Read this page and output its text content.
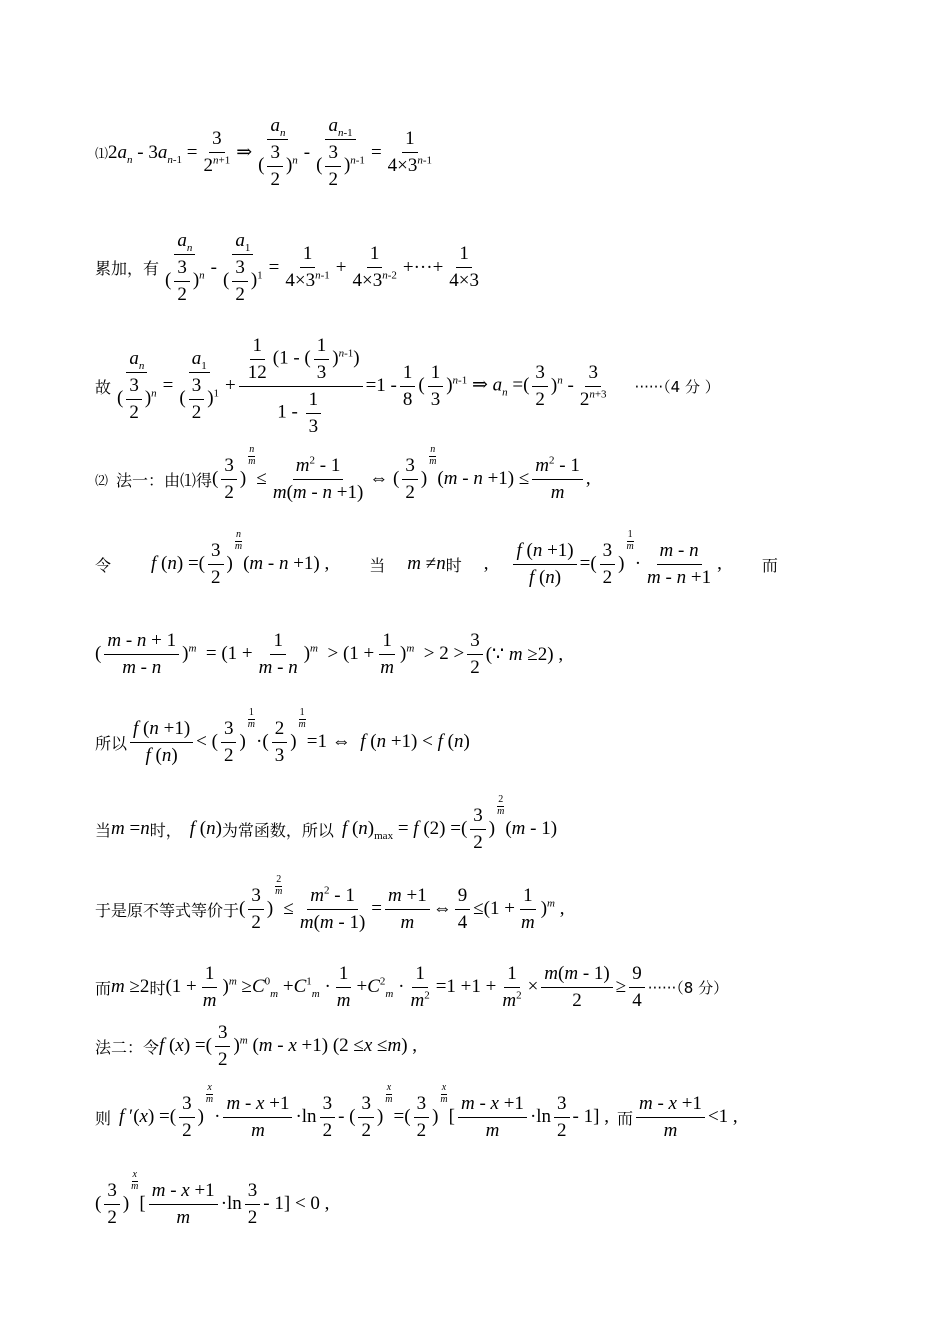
⑴ $2a_n - 3a_{n-1} = \frac{3}{2^{n+1}}$ ⇒ $\frac{a_n}{( \frac{3}{2} )^n} - \frac{a_{n-1}}{( \frac{3}{2} )^{n-1}} = \frac{1}{4\times 3^{n-1}}$
累加，有 $\frac{a_n}{( \frac{3}{2} )^n} - \frac{a_1}{( \frac{3}{2} )^1} = \frac{1}{4\times 3^{n-1}} + \frac{1}{4\times 3^{n-2}}$ +···+ $\frac{1}{4\times 3}$
故 $\frac{a_n}{( \frac{3}{2} )^n} = \frac{a_1}{( \frac{3}{2} )^1} + \frac{\frac{1}{12} (1 - ( \frac{1}{3} )^{n-1})}{1 - \frac{1}{3}} =1 - \frac{1}{8}$ ( $\frac{1}{3} )^{n-1}$ ⇒ $a_n$ =( $\frac{3}{2} )^n - \frac{3}{2^{n+3}} \cdot\cdot\cdot\cdot\cdot\cdot(4$ 分 ）
⑵ 法一：由⑴得 ( $\frac{3}{2}$ )
$\frac{n}{m}$
≤ $\frac{m^2 - 1}{m(m - n +1)}$ ⇔ ( $\frac{3}{2}$ )
$\frac{n}{m}$
$(m - n +1) \le \frac{m^2 - 1}{m}$ ,
令 f (n) =( $\frac{3}{2}$ )
$\frac{n}{m}$
(m - n +1) ,	当 m ≠n 时 , $\frac{f (n +1)}{f (n)}$ =( $\frac{3}{2}$ )
$\frac{1}{m}$
· $\frac{m - n}{m - n +1}$ ,	而
( $\frac{m - n + 1}{m - n} )^m = (1 + \frac{1}{m - n} )^m > (1 + \frac{1}{m} )^m > 2 > \frac{3}{2}$ (∵ m ≥2) ,
所以 $\frac{f (n +1)}{f (n)}$ < ( $\frac{3}{2}$ )
$\frac{1}{m}$
·( $\frac{2}{3}$ )
$\frac{1}{m}$
=1 ⇔  f (n +1) < f (n)
当 m =n 时， f (n) 为常函数，所以 f $(n)_{max} = f$ (2) =( $\frac{3}{2}$ )
$\frac{2}{m}$
(m - 1)
于是原不等式等价于 ( $\frac{3}{2}$ )
$\frac{2}{m}$
≤ $\frac{m^2 - 1}{m(m - 1)} = \frac{m +1}{m}$ ⇔ $\frac{9}{4} \le(1 + \frac{1}{m} )^m$ ,
而 m ≥2 时 $(1 + \frac{1}{m} )^m \ge C^0_m +C^1_m \cdot \frac{1}{m} +C^2_m \cdot \frac{1}{m^2} =1 +1 + \frac{1}{m^2} \times \frac{m(m - 1)}{2} \ge \frac{9}{4} \cdot\cdot\cdot\cdot\cdot\cdot(8$ 分）
法二：令 f (x) =( $\frac{3}{2} )^m$ (m - x +1) (2 ≤x ≤m) ,
则 f ′(x) =( $\frac{3}{2}$ )
$\frac{x}{m}$
· $\frac{m - x +1}{m} \cdot\ln \frac{3}{2}$ - ( $\frac{3}{2}$ )
$\frac{x}{m}$
=( $\frac{3}{2}$ )
$\frac{x}{m}$
[ $\frac{m - x +1}{m} \cdot\ln \frac{3}{2} - 1$] , 而 $\frac{m - x +1}{m} <1$ ,
( $\frac{3}{2}$ )
$\frac{x}{m}$
[ $\frac{m - x +1}{m} \cdot\ln \frac{3}{2} - 1] < 0$ ,
